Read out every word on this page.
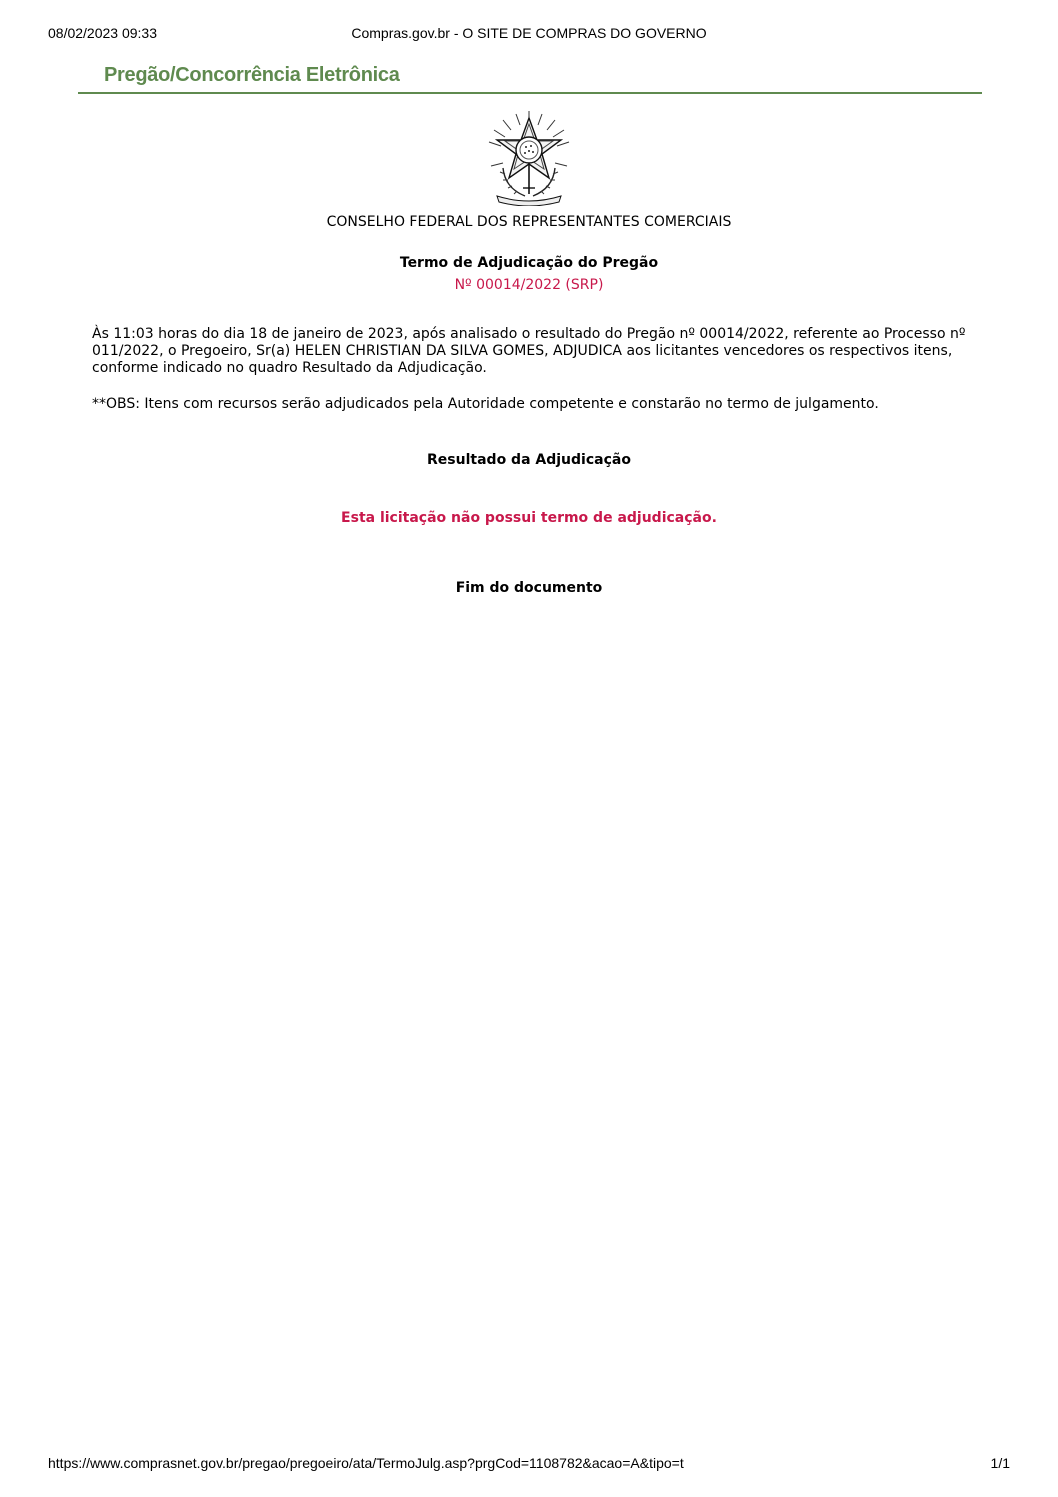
08/02/2023 09:33	Compras.gov.br - O SITE DE COMPRAS DO GOVERNO
Pregão/Concorrência Eletrônica
CONSELHO FEDERAL DOS REPRESENTANTES COMERCIAIS
Termo de Adjudicação do Pregão
Nº 00014/2022 (SRP)
Às 11:03 horas do dia 18 de janeiro de 2023, após analisado o resultado do Pregão nº 00014/2022, referente ao Processo nº 011/2022, o Pregoeiro, Sr(a) HELEN CHRISTIAN DA SILVA GOMES, ADJUDICA aos licitantes vencedores os respectivos itens, conforme indicado no quadro Resultado da Adjudicação.
**OBS: Itens com recursos serão adjudicados pela Autoridade competente e constarão no termo de julgamento.
Resultado da Adjudicação
Esta licitação não possui termo de adjudicação.
Fim do documento
https://www.comprasnet.gov.br/pregao/pregoeiro/ata/TermoJulg.asp?prgCod=1108782&acao=A&tipo=t	1/1
